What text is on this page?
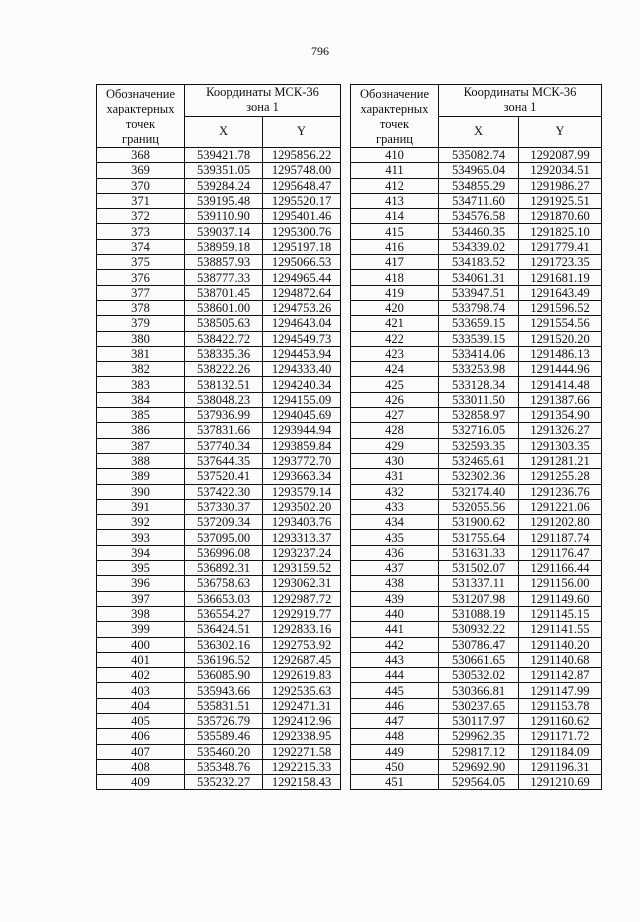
796
Обозначение
характерных
точек
границ	Координаты МСК-36
зона 1	

	X	Y
368	539421.78	1295856.22
369	539351.05	1295748.00
370	539284.24	1295648.47
371	539195.48	1295520.17
372	539110.90	1295401.46
373	539037.14	1295300.76
374	538959.18	1295197.18
375	538857.93	1295066.53
376	538777.33	1294965.44
377	538701.45	1294872.64
378	538601.00	1294753.26
379	538505.63	1294643.04
380	538422.72	1294549.73
381	538335.36	1294453.94
382	538222.26	1294333.40
383	538132.51	1294240.34
384	538048.23	1294155.09
385	537936.99	1294045.69
386	537831.66	1293944.94
387	537740.34	1293859.84
388	537644.35	1293772.70
389	537520.41	1293663.34
390	537422.30	1293579.14
391	537330.37	1293502.20
392	537209.34	1293403.76
393	537095.00	1293313.37
394	536996.08	1293237.24
395	536892.31	1293159.52
396	536758.63	1293062.31
397	536653.03	1292987.72
398	536554.27	1292919.77
399	536424.51	1292833.16
400	536302.16	1292753.92
401	536196.52	1292687.45
402	536085.90	1292619.83
403	535943.66	1292535.63
404	535831.51	1292471.31
405	535726.79	1292412.96
406	535589.46	1292338.95
407	535460.20	1292271.58
408	535348.76	1292215.33
409	535232.27	1292158.43
Обозначение
характерных
точек
границ	Координаты МСК-36
зона 1	

	X	Y
410	535082.74	1292087.99
411	534965.04	1292034.51
412	534855.29	1291986.27
413	534711.60	1291925.51
414	534576.58	1291870.60
415	534460.35	1291825.10
416	534339.02	1291779.41
417	534183.52	1291723.35
418	534061.31	1291681.19
419	533947.51	1291643.49
420	533798.74	1291596.52
421	533659.15	1291554.56
422	533539.15	1291520.20
423	533414.06	1291486.13
424	533253.98	1291444.96
425	533128.34	1291414.48
426	533011.50	1291387.66
427	532858.97	1291354.90
428	532716.05	1291326.27
429	532593.35	1291303.35
430	532465.61	1291281.21
431	532302.36	1291255.28
432	532174.40	1291236.76
433	532055.56	1291221.06
434	531900.62	1291202.80
435	531755.64	1291187.74
436	531631.33	1291176.47
437	531502.07	1291166.44
438	531337.11	1291156.00
439	531207.98	1291149.60
440	531088.19	1291145.15
441	530932.22	1291141.55
442	530786.47	1291140.20
443	530661.65	1291140.68
444	530532.02	1291142.87
445	530366.81	1291147.99
446	530237.65	1291153.78
447	530117.97	1291160.62
448	529962.35	1291171.72
449	529817.12	1291184.09
450	529692.90	1291196.31
451	529564.05	1291210.69
